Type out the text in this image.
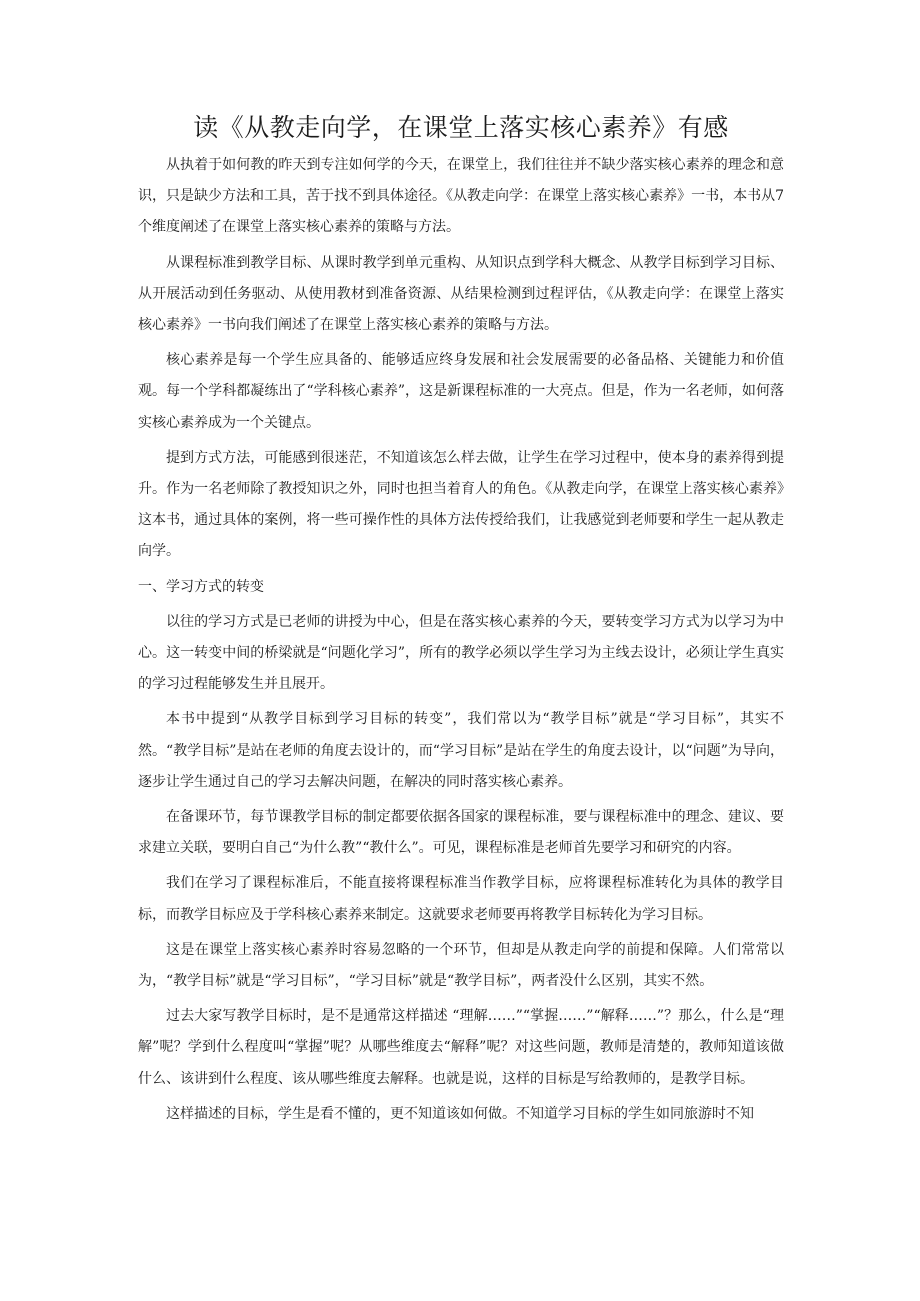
读《从教走向学，在课堂上落实核心素养》有感

从执着于如何教的昨天到专注如何学的今天，在课堂上，我们往往并不缺少落实核心素养的理念和意识，只是缺少方法和工具，苦于找不到具体途径。《从教走向学：在课堂上落实核心素养》一书，本书从7个维度阐述了在课堂上落实核心素养的策略与方法。

从课程标准到教学目标、从课时教学到单元重构、从知识点到学科大概念、从教学目标到学习目标、从开展活动到任务驱动、从使用教材到准备资源、从结果检测到过程评估，《从教走向学：在课堂上落实核心素养》一书向我们阐述了在课堂上落实核心素养的策略与方法。

核心素养是每一个学生应具备的、能够适应终身发展和社会发展需要的必备品格、关键能力和价值观。每一个学科都凝练出了“学科核心素养”，这是新课程标准的一大亮点。但是，作为一名老师，如何落实核心素养成为一个关键点。

提到方式方法，可能感到很迷茫，不知道该怎么样去做，让学生在学习过程中，使本身的素养得到提升。作为一名老师除了教授知识之外，同时也担当着育人的角色。《从教走向学，在课堂上落实核心素养》这本书，通过具体的案例，将一些可操作性的具体方法传授给我们，让我感觉到老师要和学生一起从教走向学。

一、学习方式的转变

以往的学习方式是已老师的讲授为中心，但是在落实核心素养的今天，要转变学习方式为以学习为中心。这一转变中间的桥梁就是“问题化学习”，所有的教学必须以学生学习为主线去设计，必须让学生真实的学习过程能够发生并且展开。

本书中提到“从教学目标到学习目标的转变”，我们常以为“教学目标”就是“学习目标”，其实不然。“教学目标”是站在老师的角度去设计的，而“学习目标”是站在学生的角度去设计，以“问题”为导向，逐步让学生通过自己的学习去解决问题，在解决的同时落实核心素养。

在备课环节，每节课教学目标的制定都要依据各国家的课程标准，要与课程标准中的理念、建议、要求建立关联，要明白自己“为什么教”“教什么”。可见，课程标准是老师首先要学习和研究的内容。

我们在学习了课程标准后，不能直接将课程标准当作教学目标，应将课程标准转化为具体的教学目标，而教学目标应及于学科核心素养来制定。这就要求老师要再将教学目标转化为学习目标。

这是在课堂上落实核心素养时容易忽略的一个环节，但却是从教走向学的前提和保障。人们常常以为，“教学目标”就是“学习目标”，“学习目标”就是“教学目标”，两者没什么区别，其实不然。

过去大家写教学目标时，是不是通常这样描述 “理解……”“掌握……”“解释……”？那么，什么是“理解”呢？学到什么程度叫“掌握”呢？从哪些维度去“解释”呢？对这些问题，教师是清楚的，教师知道该做什么、该讲到什么程度、该从哪些维度去解释。也就是说，这样的目标是写给教师的，是教学目标。

这样描述的目标，学生是看不懂的，更不知道该如何做。不知道学习目标的学生如同旅游时不知
